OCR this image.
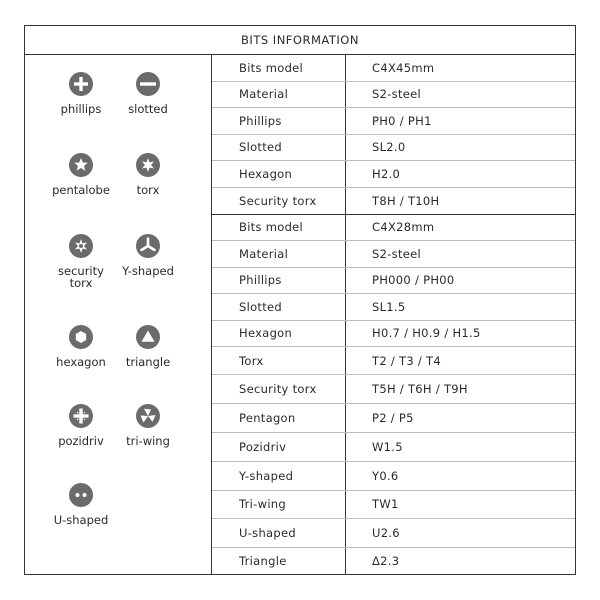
BITS INFORMATION
phillips slotted
pentalobe torx
security torx
Y-shaped
hexagon triangle
pozidriv tri-wing
U-shaped
Bits model	C4X45mm
Material	S2-steel
Phillips	PH0 / PH1
Slotted	SL2.0
Hexagon	H2.0
Security torx	T8H / T10H
Bits model	C4X28mm
Material	S2-steel
Phillips	PH000 / PH00
Slotted	SL1.5
Hexagon	H0.7 / H0.9 / H1.5
Torx	T2 / T3 / T4
Security torx	T5H / T6H / T9H
Pentagon	P2 / P5
Pozidriv	W1.5
Y-shaped	Y0.6
Tri-wing	TW1
U-shaped	U2.6
Triangle	Δ2.3
